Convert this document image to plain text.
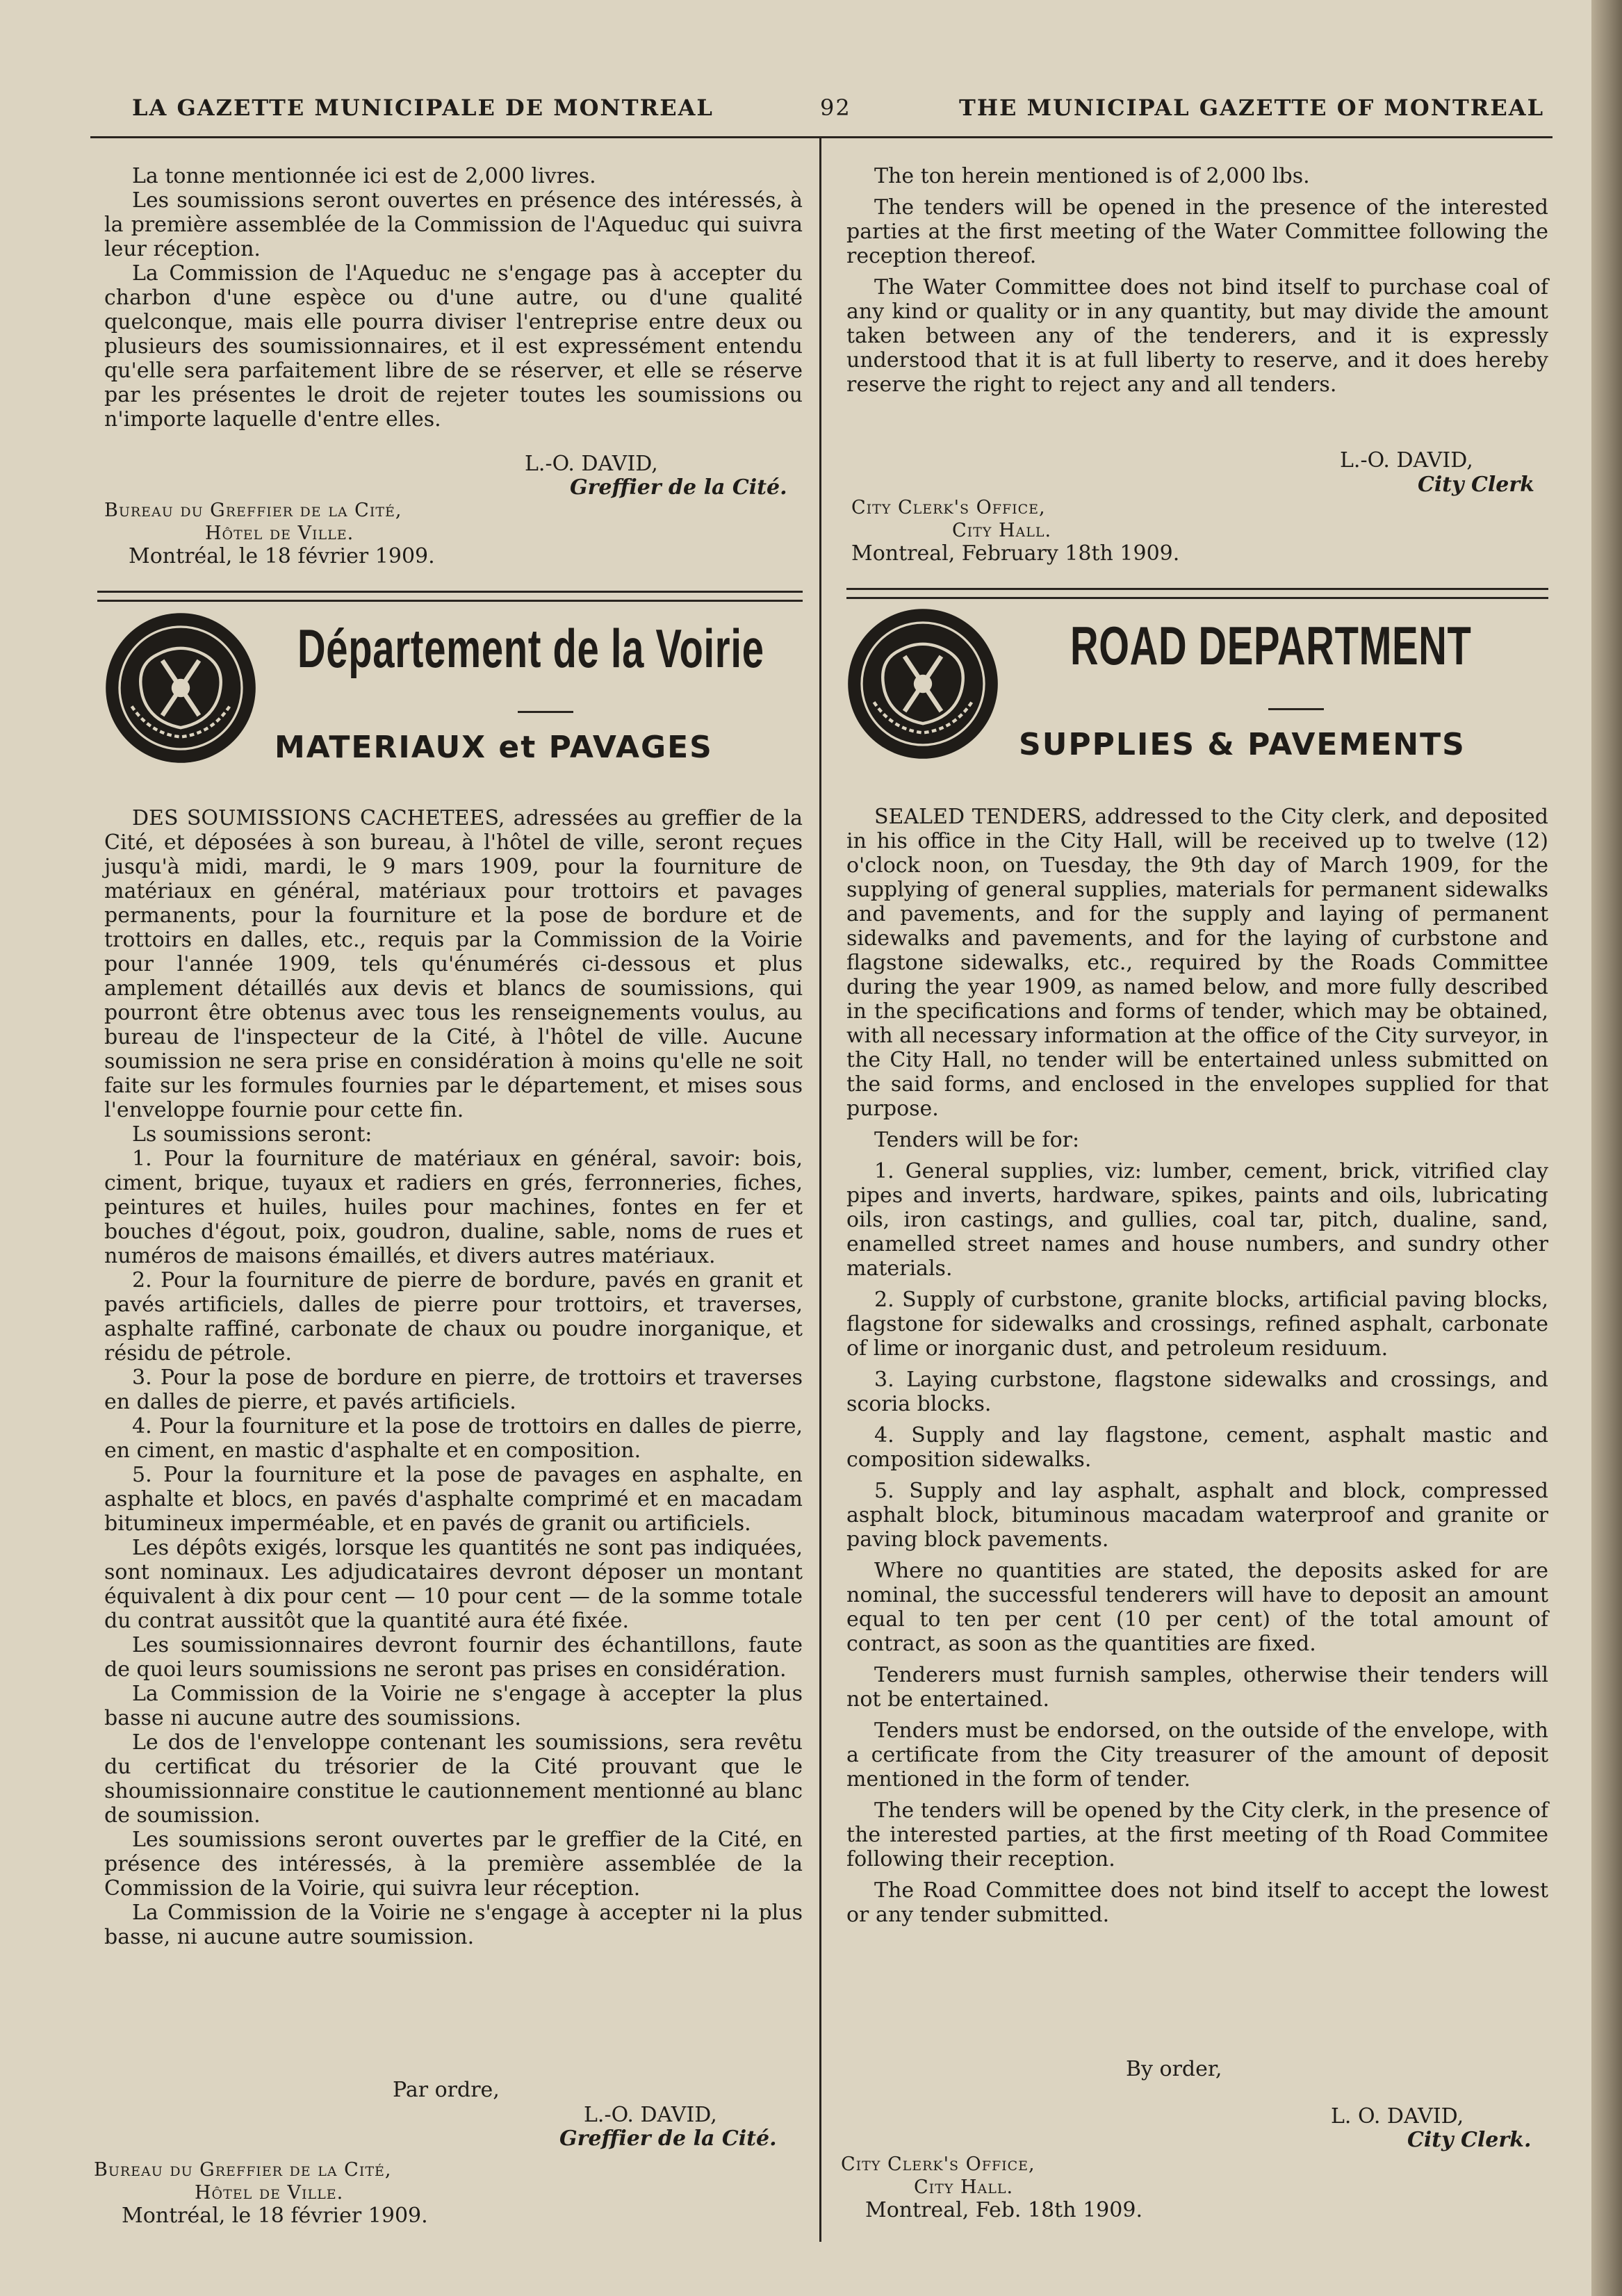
LA GAZETTE MUNICIPALE DE MONTREAL	92	THE MUNICIPAL GAZETTE OF MONTREAL

La tonne mentionnée ici est de 2,000 livres.

Les soumissions seront ouvertes en présence des intéressés, à la première assemblée de la Commission de l'Aqueduc qui suivra leur réception.

La Commission de l'Aqueduc ne s'engage pas à accepter du charbon d'une espèce ou d'une autre, ou d'une qualité quelconque, mais elle pourra diviser l'entreprise entre deux ou plusieurs des soumissionnaires, et il est expressément entendu qu'elle sera parfaitement libre de se réserver, et elle se réserve par les présentes le droit de rejeter toutes les soumissions ou n'importe laquelle d'entre elles.

L.-O. DAVID,
Greffier de la Cité.
Bureau du Greffier de la Cité,
Hôtel de Ville.
Montréal, le 18 février 1909.

The ton herein mentioned is of 2,000 lbs.

The tenders will be opened in the presence of the interested parties at the first meeting of the Water Committee following the reception thereof.

The Water Committee does not bind itself to purchase coal of any kind or quality or in any quantity, but may divide the amount taken between any of the tenderers, and it is expressly understood that it is at full liberty to reserve, and it does hereby reserve the right to reject any and all tenders.

L.-O. DAVID,
City Clerk
City Clerk's Office,
City Hall.
Montreal, February 18th 1909.
Département de la Voirie
MATERIAUX et PAVAGES
ROAD DEPARTMENT
SUPPLIES & PAVEMENTS

DES SOUMISSIONS CACHETEES, adressées au greffier de la Cité, et déposées à son bureau, à l'hôtel de ville, seront reçues jusqu'à midi, mardi, le 9 mars 1909, pour la fourniture de matériaux en général, matériaux pour trottoirs et pavages permanents, pour la fourniture et la pose de bordure et de trottoirs en dalles, etc., requis par la Commission de la Voirie pour l'année 1909, tels qu'énumérés ci-dessous et plus amplement détaillés aux devis et blancs de soumissions, qui pourront être obtenus avec tous les renseignements voulus, au bureau de l'inspecteur de la Cité, à l'hôtel de ville. Aucune soumission ne sera prise en considération à moins qu'elle ne soit faite sur les formules fournies par le département, et mises sous l'enveloppe fournie pour cette fin.

Ls soumissions seront:

1. Pour la fourniture de matériaux en général, savoir: bois, ciment, brique, tuyaux et radiers en grés, ferronneries, fiches, peintures et huiles, huiles pour machines, fontes en fer et bouches d'égout, poix, goudron, dualine, sable, noms de rues et numéros de maisons émaillés, et divers autres matériaux.

2. Pour la fourniture de pierre de bordure, pavés en granit et pavés artificiels, dalles de pierre pour trottoirs, et traverses, asphalte raffiné, carbonate de chaux ou poudre inorganique, et résidu de pétrole.

3. Pour la pose de bordure en pierre, de trottoirs et traverses en dalles de pierre, et pavés artificiels.

4. Pour la fourniture et la pose de trottoirs en dalles de pierre, en ciment, en mastic d'asphalte et en composition.

5. Pour la fourniture et la pose de pavages en asphalte, en asphalte et blocs, en pavés d'asphalte comprimé et en macadam bitumineux imperméable, et en pavés de granit ou artificiels.

Les dépôts exigés, lorsque les quantités ne sont pas indiquées, sont nominaux. Les adjudicataires devront déposer un montant équivalent à dix pour cent — 10 pour cent — de la somme totale du contrat aussitôt que la quantité aura été fixée.

Les soumissionnaires devront fournir des échantillons, faute de quoi leurs soumissions ne seront pas prises en considération.

La Commission de la Voirie ne s'engage à accepter la plus basse ni aucune autre des soumissions.

Le dos de l'enveloppe contenant les soumissions, sera revêtu du certificat du trésorier de la Cité prouvant que le shoumissionnaire constitue le cautionnement mentionné au blanc de soumission.

Les soumissions seront ouvertes par le greffier de la Cité, en présence des intéressés, à la première assemblée de la Commission de la Voirie, qui suivra leur réception.

La Commission de la Voirie ne s'engage à accepter ni la plus basse, ni aucune autre soumission.

Par ordre,
L.-O. DAVID,
Greffier de la Cité.
Bureau du Greffier de la Cité,
Hôtel de Ville.
Montréal, le 18 février 1909.

SEALED TENDERS, addressed to the City clerk, and deposited in his office in the City Hall, will be received up to twelve (12) o'clock noon, on Tuesday, the 9th day of March 1909, for the supplying of general supplies, materials for permanent sidewalks and pavements, and for the supply and laying of permanent sidewalks and pavements, and for the laying of curbstone and flagstone sidewalks, etc., required by the Roads Committee during the year 1909, as named below, and more fully described in the specifications and forms of tender, which may be obtained, with all necessary information at the office of the City surveyor, in the City Hall, no tender will be entertained unless submitted on the said forms, and enclosed in the envelopes supplied for that purpose.

Tenders will be for:

1. General supplies, viz: lumber, cement, brick, vitrified clay pipes and inverts, hardware, spikes, paints and oils, lubricating oils, iron castings, and gullies, coal tar, pitch, dualine, sand, enamelled street names and house numbers, and sundry other materials.

2. Supply of curbstone, granite blocks, artificial paving blocks, flagstone for sidewalks and crossings, refined asphalt, carbonate of lime or inorganic dust, and petroleum residuum.

3. Laying curbstone, flagstone sidewalks and crossings, and scoria blocks.

4. Supply and lay flagstone, cement, asphalt mastic and composition sidewalks.

5. Supply and lay asphalt, asphalt and block, compressed asphalt block, bituminous macadam waterproof and granite or paving block pavements.

Where no quantities are stated, the deposits asked for are nominal, the successful tenderers will have to deposit an amount equal to ten per cent (10 per cent) of the total amount of contract, as soon as the quantities are fixed.

Tenderers must furnish samples, otherwise their tenders will not be entertained.

Tenders must be endorsed, on the outside of the envelope, with a certificate from the City treasurer of the amount of deposit mentioned in the form of tender.

The tenders will be opened by the City clerk, in the presence of the interested parties, at the first meeting of th Road Commitee following their reception.

The Road Committee does not bind itself to accept the lowest or any tender submitted.

By order,
L. O. DAVID,
City Clerk.
City Clerk's Office,
City Hall.
Montreal, Feb. 18th 1909.
